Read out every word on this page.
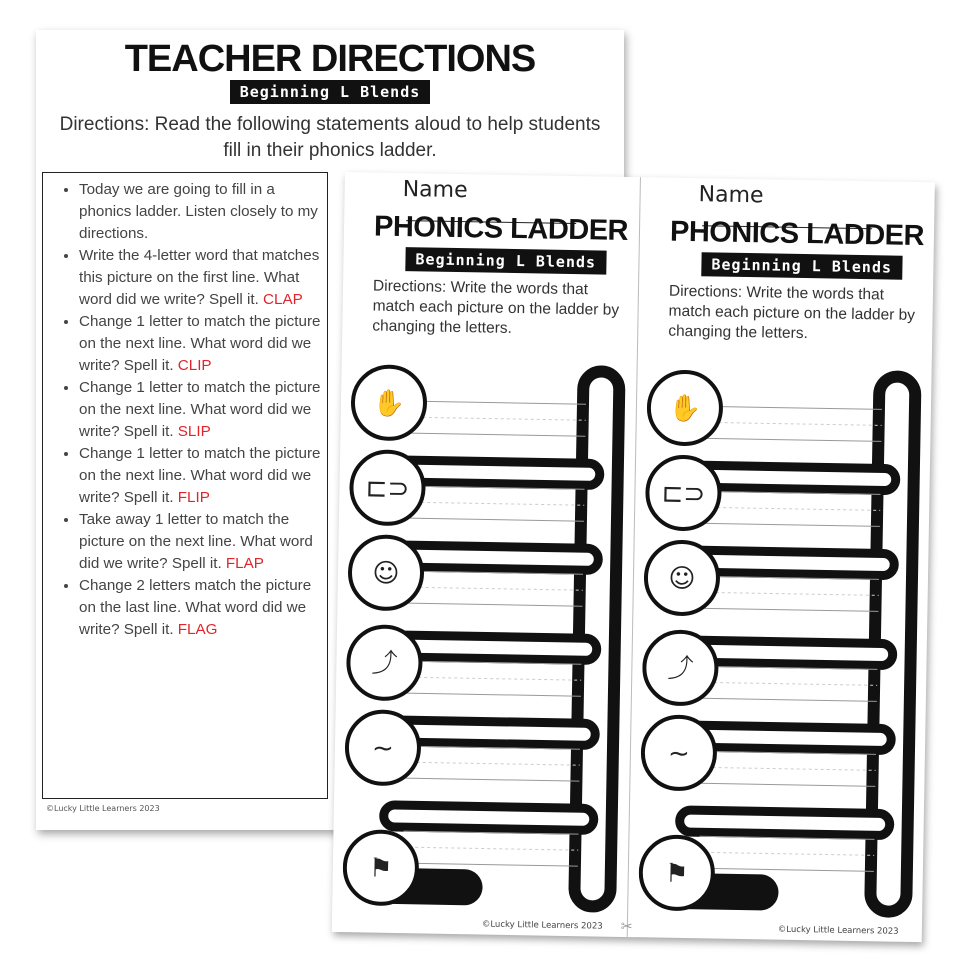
TEACHER DIRECTIONS
Beginning L Blends
Directions: Read the following statements aloud to help students fill in their phonics ladder.
• Today we are going to fill in a phonics ladder. Listen closely to my directions.
• Write the 4-letter word that matches this picture on the first line. What word did we write? Spell it. CLAP
• Change 1 letter to match the picture on the next line. What word did we write? Spell it. CLIP
• Change 1 letter to match the picture on the next line. What word did we write? Spell it. SLIP
• Change 1 letter to match the picture on the next line. What word did we write? Spell it. FLIP
• Take away 1 letter to match the picture on the next line. What word did we write? Spell it. FLAP
• Change 2 letters match the picture on the last line. What word did we write? Spell it. FLAG
©Lucky Little Learners 2023
Name
PHONICS LADDER
Beginning L Blends
Directions: Write the words that match each picture on the ladder by changing the letters.
✋
⊏⊃
☺
⤴
~
⚑
©Lucky Little Learners 2023
Name
PHONICS LADDER
Beginning L Blends
Directions: Write the words that match each picture on the ladder by changing the letters.
✋
⊏⊃
☺
⤴
~
⚑
©Lucky Little Learners 2023
✂
